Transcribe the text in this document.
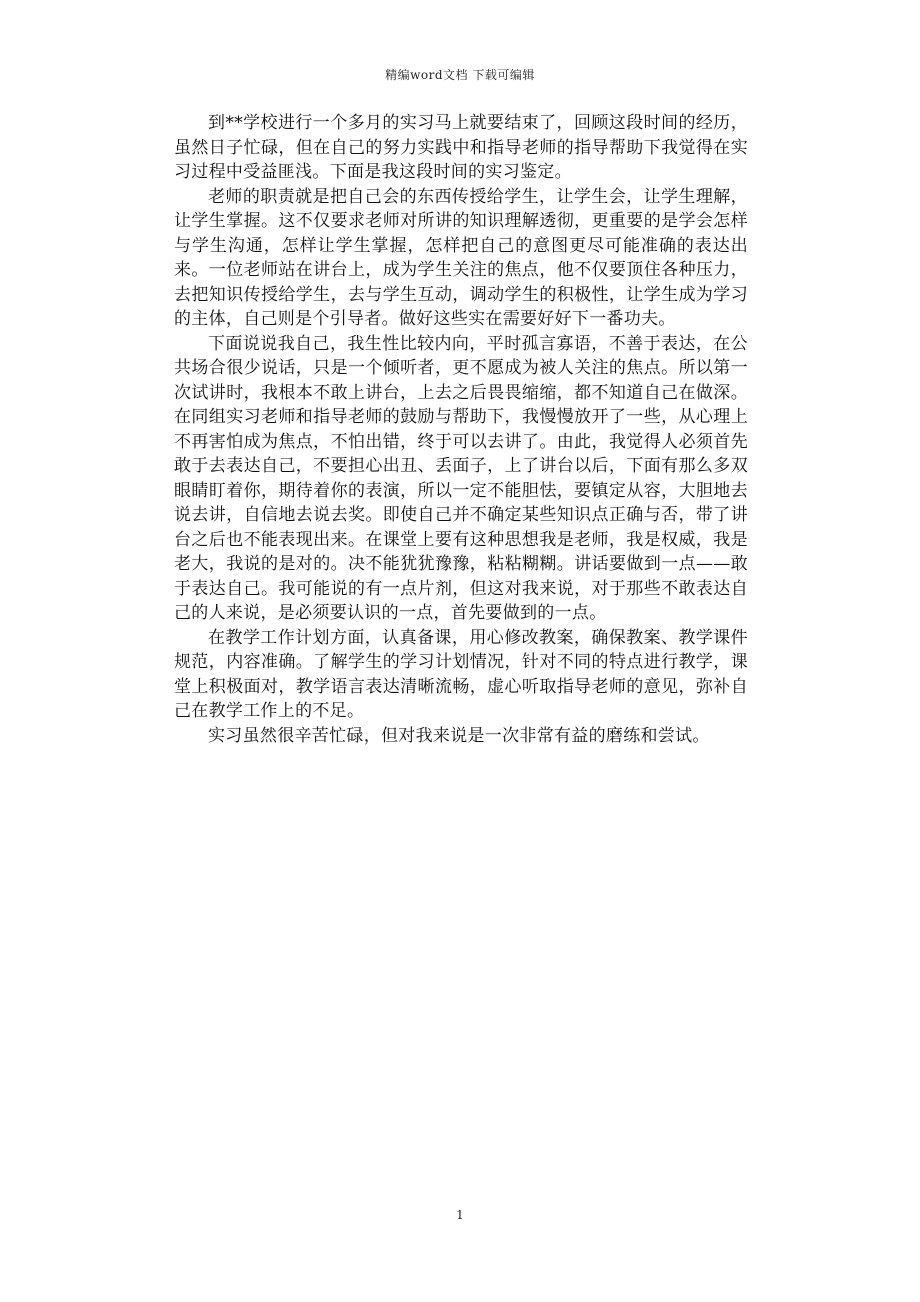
精编word文档 下载可编辑

到**学校进行一个多月的实习马上就要结束了，回顾这段时间的经历，虽然日子忙碌，但在自己的努力实践中和指导老师的指导帮助下我觉得在实习过程中受益匪浅。下面是我这段时间的实习鉴定。

老师的职责就是把自己会的东西传授给学生，让学生会，让学生理解，让学生掌握。这不仅要求老师对所讲的知识理解透彻，更重要的是学会怎样与学生沟通，怎样让学生掌握，怎样把自己的意图更尽可能准确的表达出来。一位老师站在讲台上，成为学生关注的焦点，他不仅要顶住各种压力，去把知识传授给学生，去与学生互动，调动学生的积极性，让学生成为学习的主体，自己则是个引导者。做好这些实在需要好好下一番功夫。

下面说说我自己，我生性比较内向，平时孤言寡语，不善于表达，在公共场合很少说话，只是一个倾听者，更不愿成为被人关注的焦点。所以第一次试讲时，我根本不敢上讲台，上去之后畏畏缩缩，都不知道自己在做深。在同组实习老师和指导老师的鼓励与帮助下，我慢慢放开了一些，从心理上不再害怕成为焦点，不怕出错，终于可以去讲了。由此，我觉得人必须首先敢于去表达自己，不要担心出丑、丢面子，上了讲台以后，下面有那么多双眼睛盯着你，期待着你的表演，所以一定不能胆怯，要镇定从容，大胆地去说去讲，自信地去说去奖。即使自己并不确定某些知识点正确与否，带了讲台之后也不能表现出来。在课堂上要有这种思想我是老师，我是权威，我是老大，我说的是对的。决不能犹犹豫豫，粘粘糊糊。讲话要做到一点——敢于表达自己。我可能说的有一点片剂，但这对我来说，对于那些不敢表达自己的人来说，是必须要认识的一点，首先要做到的一点。

在教学工作计划方面，认真备课，用心修改教案，确保教案、教学课件规范，内容准确。了解学生的学习计划情况，针对不同的特点进行教学，课堂上积极面对，教学语言表达清晰流畅，虚心听取指导老师的意见，弥补自己在教学工作上的不足。

实习虽然很辛苦忙碌，但对我来说是一次非常有益的磨练和尝试。

1
